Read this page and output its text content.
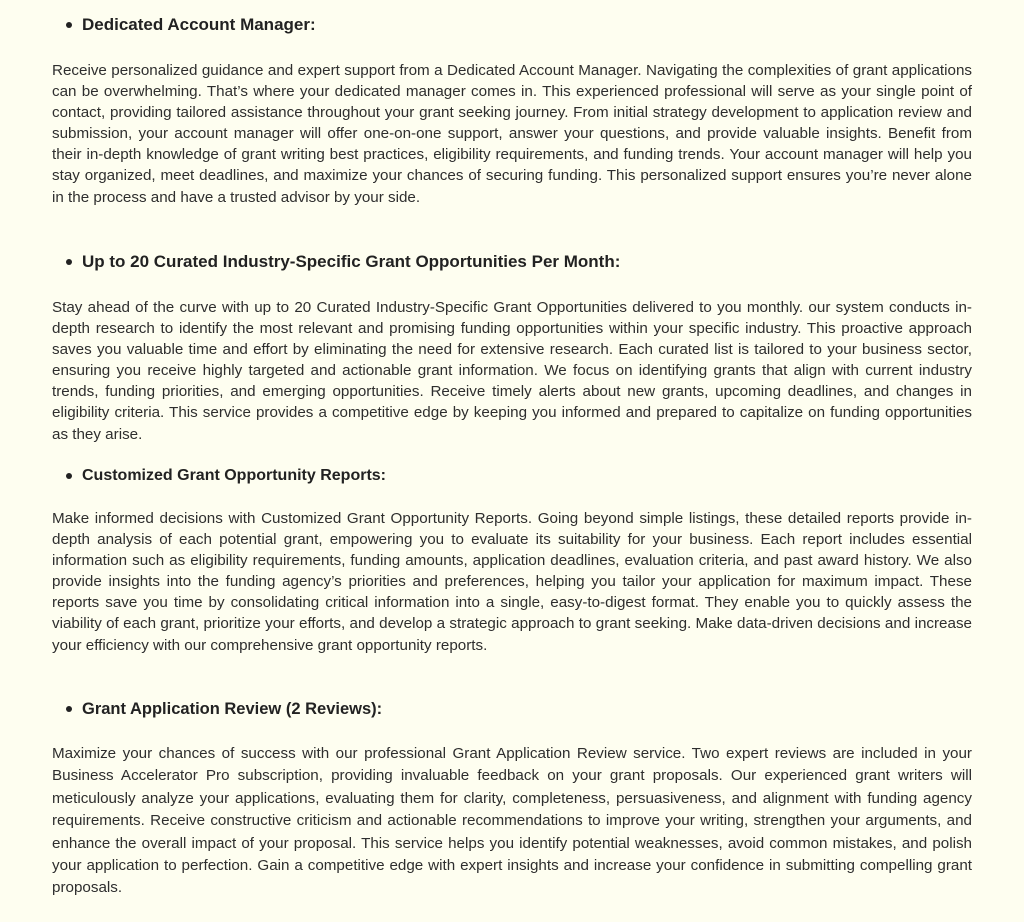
Dedicated Account Manager:

Receive personalized guidance and expert support from a Dedicated Account Manager. Navigating the complexities of grant applications can be overwhelming. That’s where your dedicated manager comes in. This experienced professional will serve as your single point of contact, providing tailored assistance throughout your grant seeking journey. From initial strategy development to application review and submission, your account manager will offer one-on-one support, answer your questions, and provide valuable insights. Benefit from their in-depth knowledge of grant writing best practices, eligibility requirements, and funding trends. Your account manager will help you stay organized, meet deadlines, and maximize your chances of securing funding. This personalized support ensures you’re never alone in the process and have a trusted advisor by your side.

Up to 20 Curated Industry-Specific Grant Opportunities Per Month:

Stay ahead of the curve with up to 20 Curated Industry-Specific Grant Opportunities delivered to you monthly. our system conducts in-depth research to identify the most relevant and promising funding opportunities within your specific industry. This proactive approach saves you valuable time and effort by eliminating the need for extensive research. Each curated list is tailored to your business sector, ensuring you receive highly targeted and actionable grant information. We focus on identifying grants that align with current industry trends, funding priorities, and emerging opportunities. Receive timely alerts about new grants, upcoming deadlines, and changes in eligibility criteria. This service provides a competitive edge by keeping you informed and prepared to capitalize on funding opportunities as they arise.

Customized Grant Opportunity Reports:

Make informed decisions with Customized Grant Opportunity Reports. Going beyond simple listings, these detailed reports provide in-depth analysis of each potential grant, empowering you to evaluate its suitability for your business. Each report includes essential information such as eligibility requirements, funding amounts, application deadlines, evaluation criteria, and past award history. We also provide insights into the funding agency’s priorities and preferences, helping you tailor your application for maximum impact. These reports save you time by consolidating critical information into a single, easy-to-digest format. They enable you to quickly assess the viability of each grant, prioritize your efforts, and develop a strategic approach to grant seeking. Make data-driven decisions and increase your efficiency with our comprehensive grant opportunity reports.

Grant Application Review (2 Reviews):

Maximize your chances of success with our professional Grant Application Review service. Two expert reviews are included in your Business Accelerator Pro subscription, providing invaluable feedback on your grant proposals. Our experienced grant writers will meticulously analyze your applications, evaluating them for clarity, completeness, persuasiveness, and alignment with funding agency requirements. Receive constructive criticism and actionable recommendations to improve your writing, strengthen your arguments, and enhance the overall impact of your proposal. This service helps you identify potential weaknesses, avoid common mistakes, and polish your application to perfection. Gain a competitive edge with expert insights and increase your confidence in submitting compelling grant proposals.
